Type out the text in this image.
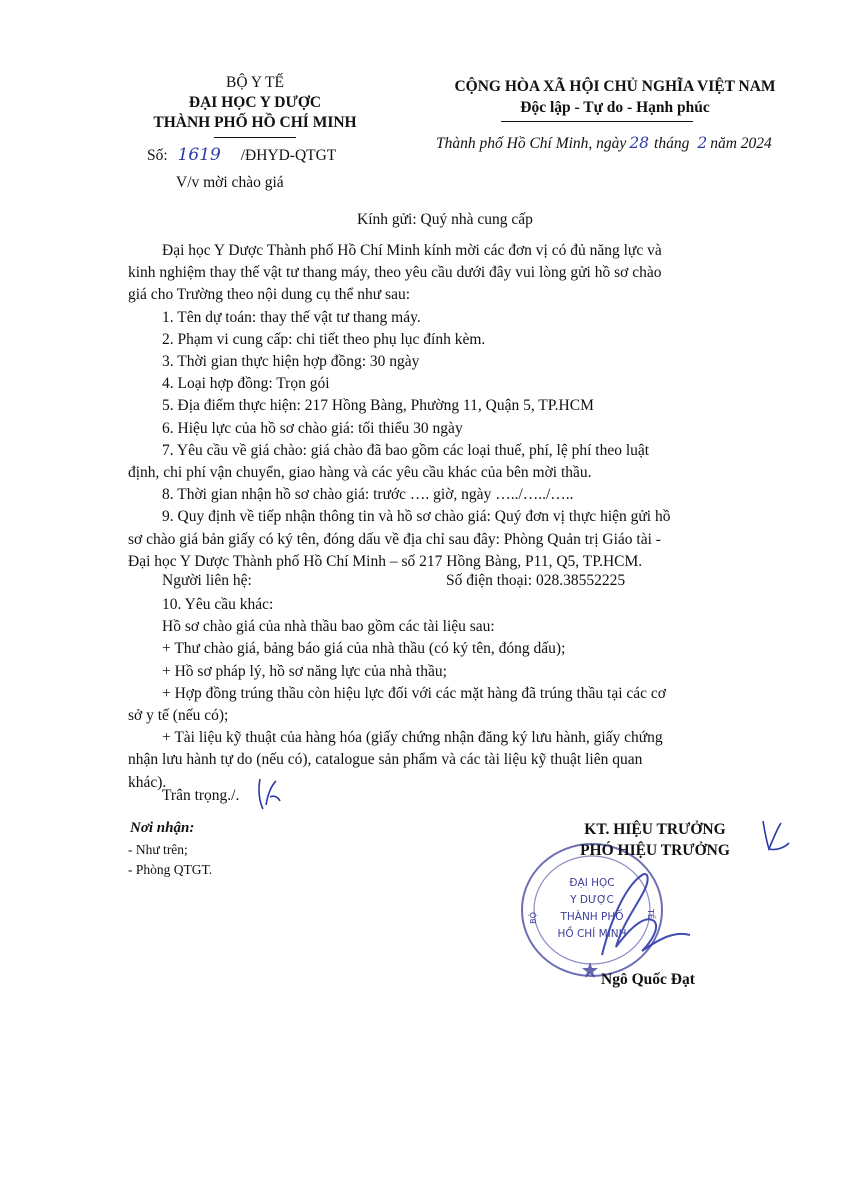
BỘ Y TẾ
ĐẠI HỌC Y DƯỢC
THÀNH PHỐ HỒ CHÍ MINH
Số: 1619 /ĐHYD-QTGT
V/v mời chào giá
CỘNG HÒA XÃ HỘI CHỦ NGHĨA VIỆT NAM
Độc lập - Tự do - Hạnh phúc
Thành phố Hồ Chí Minh, ngày 28 tháng 2 năm 2024
Kính gửi: Quý nhà cung cấp
Đại học Y Dược Thành phố Hồ Chí Minh kính mời các đơn vị có đủ năng lực và
kinh nghiệm thay thế vật tư thang máy, theo yêu cầu dưới đây vui lòng gửi hồ sơ chào
giá cho Trường theo nội dung cụ thể như sau:
1. Tên dự toán: thay thế vật tư thang máy.
2. Phạm vi cung cấp: chi tiết theo phụ lục đính kèm.
3. Thời gian thực hiện hợp đồng: 30 ngày
4. Loại hợp đồng: Trọn gói
5. Địa điểm thực hiện: 217 Hồng Bàng, Phường 11, Quận 5, TP.HCM
6. Hiệu lực của hồ sơ chào giá: tối thiểu 30 ngày
7. Yêu cầu về giá chào: giá chào đã bao gồm các loại thuế, phí, lệ phí theo luật
định, chi phí vận chuyển, giao hàng và các yêu cầu khác của bên mời thầu.
8. Thời gian nhận hồ sơ chào giá: trước …. giờ, ngày …../…../…..
9. Quy định về tiếp nhận thông tin và hồ sơ chào giá: Quý đơn vị thực hiện gửi hồ
sơ chào giá bản giấy có ký tên, đóng dấu về địa chỉ sau đây: Phòng Quản trị Giáo tài -
Đại học Y Dược Thành phố Hồ Chí Minh – số 217 Hồng Bàng, P11, Q5, TP.HCM.
Người liên hệ:	Số điện thoại: 028.38552225
10. Yêu cầu khác:
Hồ sơ chào giá của nhà thầu bao gồm các tài liệu sau:
+ Thư chào giá, bảng báo giá của nhà thầu (có ký tên, đóng dấu);
+ Hồ sơ pháp lý, hồ sơ năng lực của nhà thầu;
+ Hợp đồng trúng thầu còn hiệu lực đối với các mặt hàng đã trúng thầu tại các cơ
sở y tế (nếu có);
+ Tài liệu kỹ thuật của hàng hóa (giấy chứng nhận đăng ký lưu hành, giấy chứng
nhận lưu hành tự do (nếu có), catalogue sản phẩm và các tài liệu kỹ thuật liên quan
khác).
Trân trọng./.
Nơi nhận:
- Như trên;
- Phòng QTGT.
ĐẠI HỌC
Y DƯỢC
THÀNH PHỐ
HỒ CHÍ MINH
BỘ	TẾ
KT. HIỆU TRƯỞNG
PHÓ HIỆU TRƯỞNG
Ngô Quốc Đạt
